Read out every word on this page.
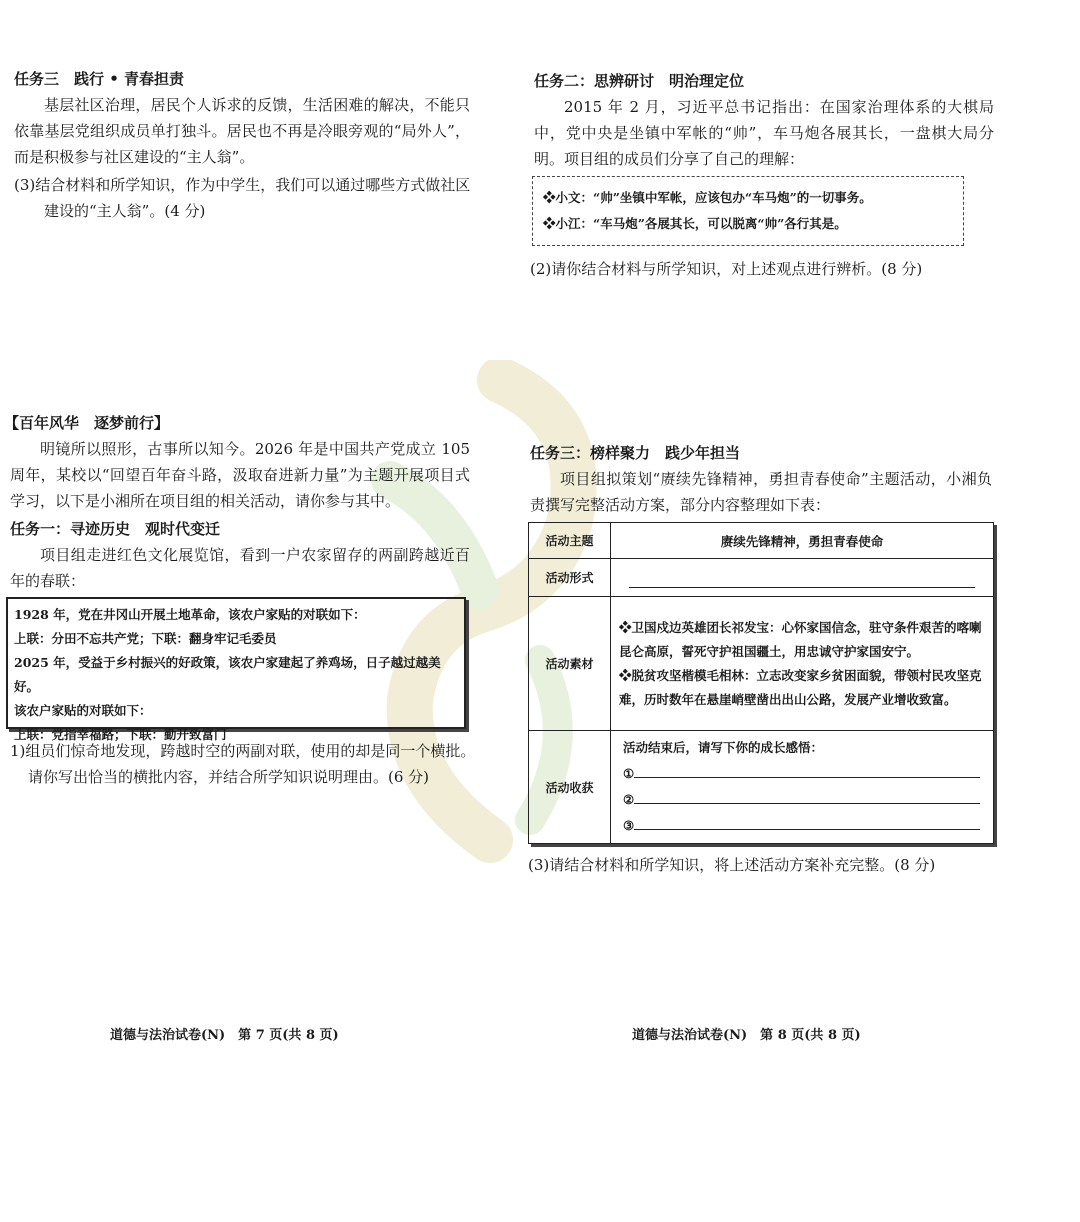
任务三　践行 • 青春担责
基层社区治理，居民个人诉求的反馈，生活困难的解决，不能只依靠基层党组织成员单打独斗。居民也不再是冷眼旁观的“局外人”，而是积极参与社区建设的“主人翁”。
(3)结合材料和所学知识，作为中学生，我们可以通过哪些方式做社区
建设的“主人翁”。(4 分)
【百年风华　逐梦前行】
明镜所以照形，古事所以知今。2026 年是中国共产党成立 105 周年，某校以“回望百年奋斗路，汲取奋进新力量”为主题开展项目式学习，以下是小湘所在项目组的相关活动，请你参与其中。
任务一：寻迹历史　观时代变迁
项目组走进红色文化展览馆，看到一户农家留存的两副跨越近百年的春联：
1928 年，党在井冈山开展土地革命，该农户家贴的对联如下：
上联：分田不忘共产党；下联：翻身牢记毛委员
2025 年，受益于乡村振兴的好政策，该农户家建起了养鸡场，日子越过越美好。
该农户家贴的对联如下：
上联：党指幸福路；下联：勤开致富门
1)组员们惊奇地发现，跨越时空的两副对联，使用的却是同一个横批。
请你写出恰当的横批内容，并结合所学知识说明理由。(6 分)
道德与法治试卷(N)　第 7 页(共 8 页)
任务二：思辨研讨　明治理定位
2015 年 2 月，习近平总书记指出：在国家治理体系的大棋局中，党中央是坐镇中军帐的“帅”，车马炮各展其长，一盘棋大局分明。项目组的成员们分享了自己的理解：
❖小文：“帅”坐镇中军帐，应该包办“车马炮”的一切事务。
❖小江：“车马炮”各展其长，可以脱离“帅”各行其是。
(2)请你结合材料与所学知识，对上述观点进行辨析。(8 分)
任务三：榜样聚力　践少年担当
项目组拟策划“赓续先锋精神，勇担青春使命”主题活动，小湘负责撰写完整活动方案，部分内容整理如下表：
活动主题	赓续先锋精神，勇担青春使命
活动形式	
活动素材	❖卫国戍边英雄团长祁发宝：心怀家国信念，驻守条件艰苦的喀喇昆仑高原，誓死守护祖国疆土，用忠诚守护家国安宁。
❖脱贫攻坚楷模毛相林：立志改变家乡贫困面貌，带领村民攻坚克难，历时数年在悬崖峭壁凿出出山公路，发展产业增收致富。

活动收获	活动结束后，请写下你的成长感悟：
①
②
③
(3)请结合材料和所学知识，将上述活动方案补充完整。(8 分)
道德与法治试卷(N)　第 8 页(共 8 页)
